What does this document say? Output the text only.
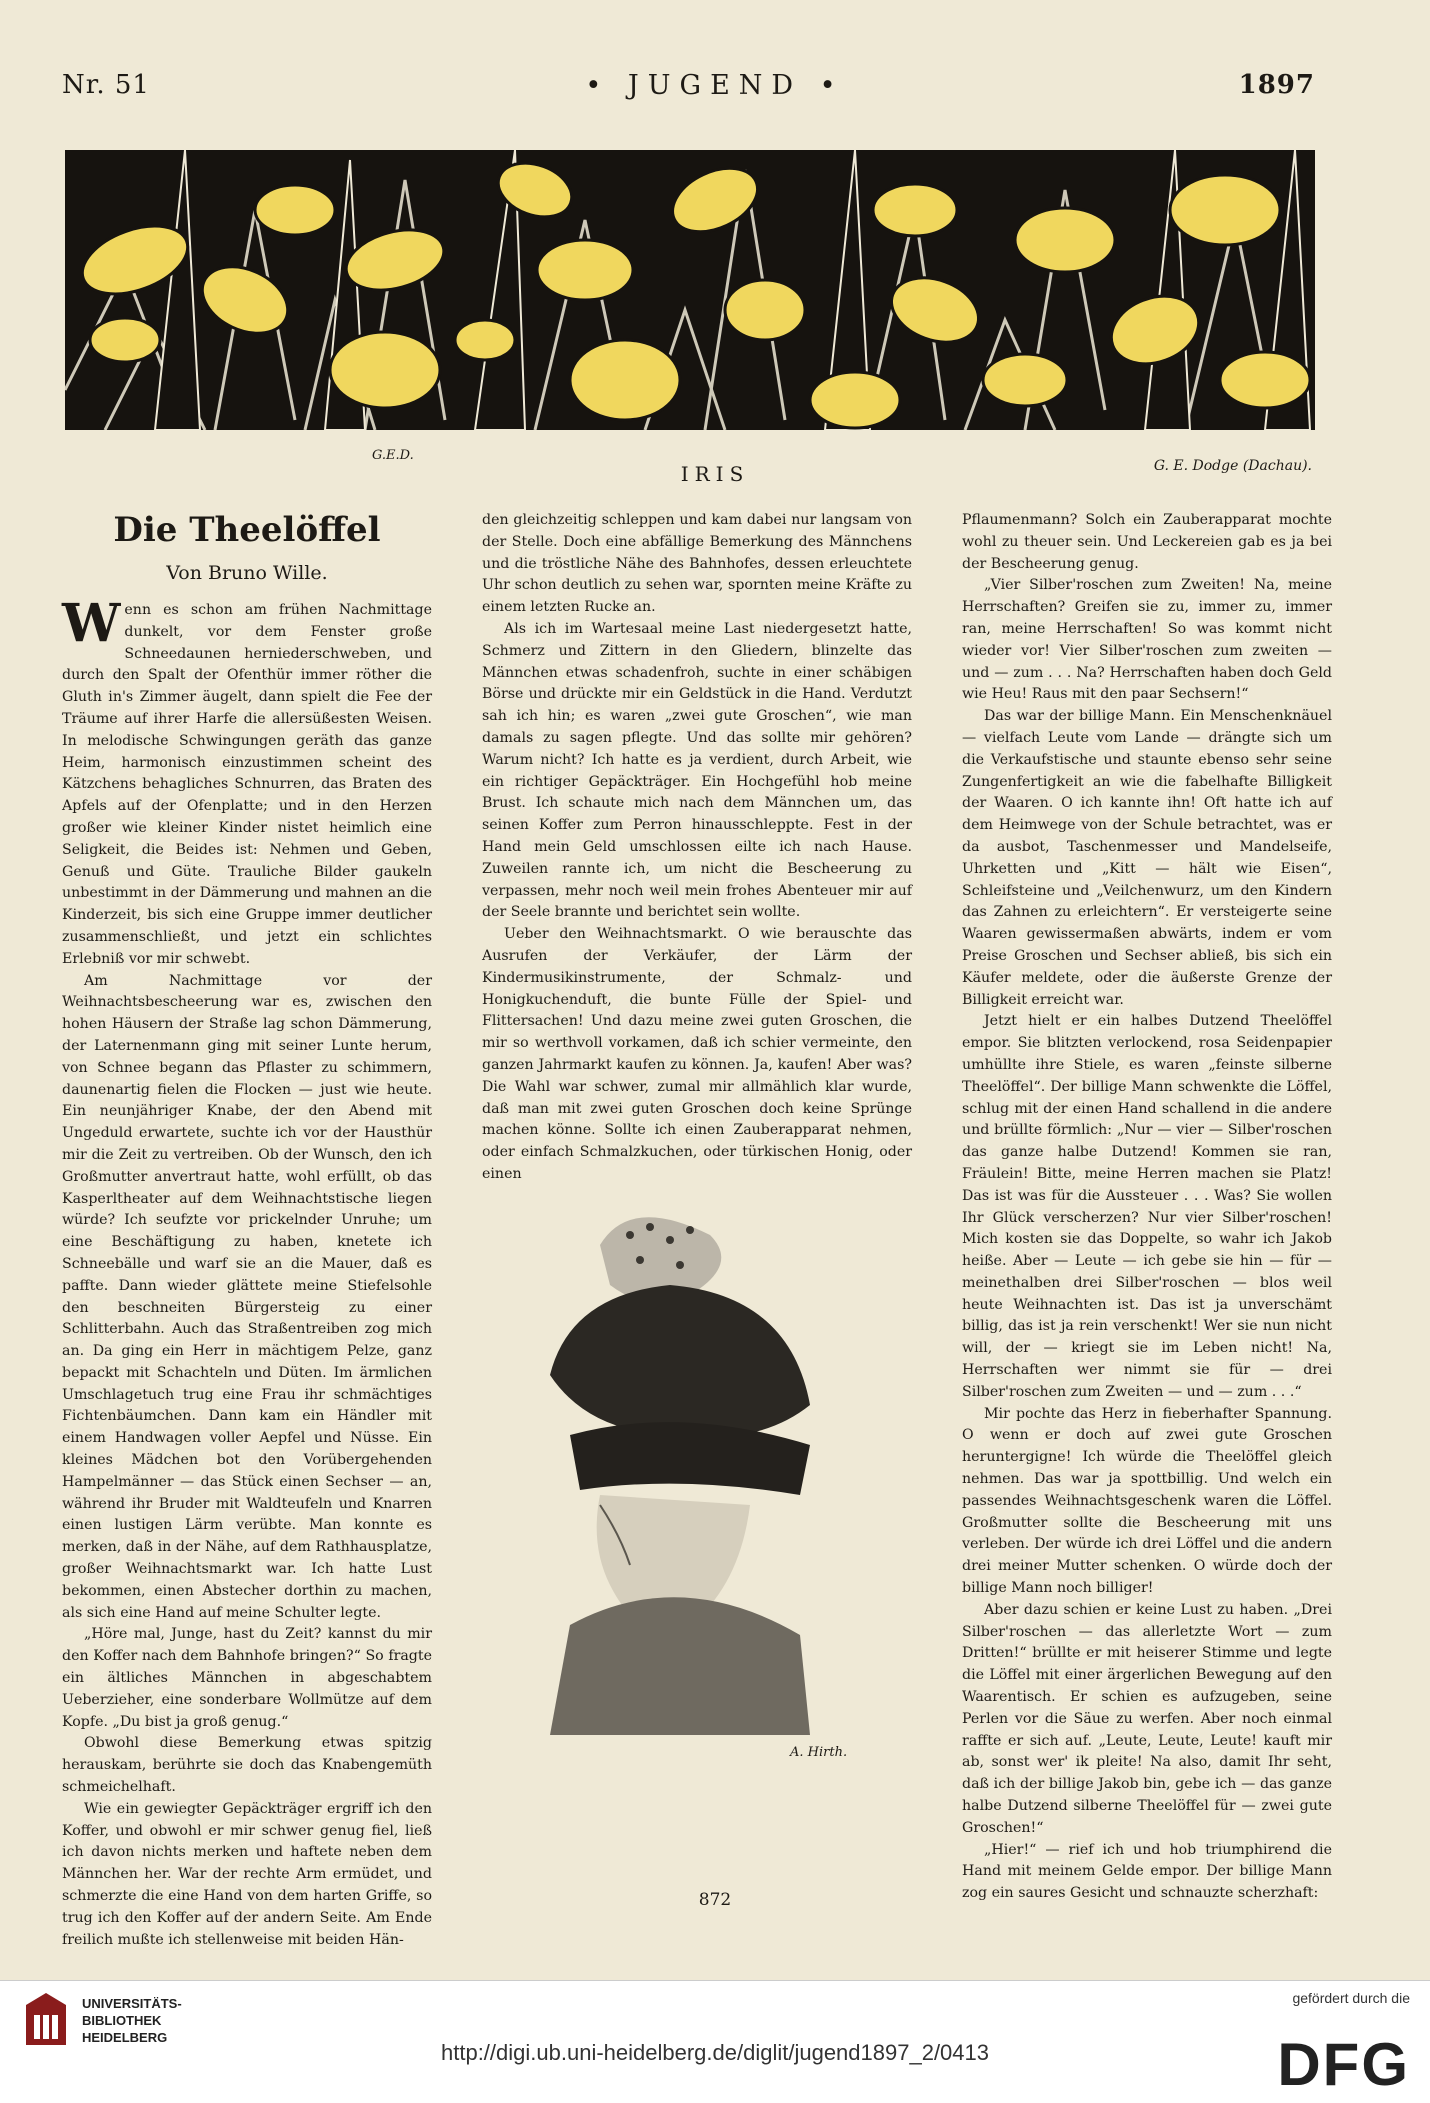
Nr. 51	• JUGEND •	1897
G.E.D.
IRIS	G. E. Dodge (Dachau).
Die Theelöffel
Von Bruno Wille.

Wenn es schon am frühen Nachmittage dunkelt, vor dem Fenster große Schneedaunen herniederschweben, und durch den Spalt der Ofenthür immer röther die Gluth in's Zimmer äugelt, dann spielt die Fee der Träume auf ihrer Harfe die allersüßesten Weisen. In melodische Schwingungen geräth das ganze Heim, harmonisch einzustimmen scheint des Kätzchens behagliches Schnurren, das Braten des Apfels auf der Ofenplatte; und in den Herzen großer wie kleiner Kinder nistet heimlich eine Seligkeit, die Beides ist: Nehmen und Geben, Genuß und Güte. Trauliche Bilder gaukeln unbestimmt in der Dämmerung und mahnen an die Kinderzeit, bis sich eine Gruppe immer deutlicher zusammenschließt, und jetzt ein schlichtes Erlebniß vor mir schwebt.

Am Nachmittage vor der Weihnachtsbescheerung war es, zwischen den hohen Häusern der Straße lag schon Dämmerung, der Laternenmann ging mit seiner Lunte herum, von Schnee begann das Pflaster zu schimmern, daunenartig fielen die Flocken — just wie heute. Ein neunjähriger Knabe, der den Abend mit Ungeduld erwartete, suchte ich vor der Hausthür mir die Zeit zu vertreiben. Ob der Wunsch, den ich Großmutter anvertraut hatte, wohl erfüllt, ob das Kasperltheater auf dem Weihnachtstische liegen würde? Ich seufzte vor prickelnder Unruhe; um eine Beschäftigung zu haben, knetete ich Schneebälle und warf sie an die Mauer, daß es paffte. Dann wieder glättete meine Stiefelsohle den beschneiten Bürgersteig zu einer Schlitterbahn. Auch das Straßentreiben zog mich an. Da ging ein Herr in mächtigem Pelze, ganz bepackt mit Schachteln und Düten. Im ärmlichen Umschlagetuch trug eine Frau ihr schmächtiges Fichtenbäumchen. Dann kam ein Händler mit einem Handwagen voller Aepfel und Nüsse. Ein kleines Mädchen bot den Vorübergehenden Hampelmänner — das Stück einen Sechser — an, während ihr Bruder mit Waldteufeln und Knarren einen lustigen Lärm verübte. Man konnte es merken, daß in der Nähe, auf dem Rathhausplatze, großer Weihnachtsmarkt war. Ich hatte Lust bekommen, einen Abstecher dorthin zu machen, als sich eine Hand auf meine Schulter legte.

„Höre mal, Junge, hast du Zeit? kannst du mir den Koffer nach dem Bahnhofe bringen?“ So fragte ein ältliches Männchen in abgeschabtem Ueberzieher, eine sonderbare Wollmütze auf dem Kopfe. „Du bist ja groß genug.“

Obwohl diese Bemerkung etwas spitzig herauskam, berührte sie doch das Knabengemüth schmeichelhaft.

Wie ein gewiegter Gepäckträger ergriff ich den Koffer, und obwohl er mir schwer genug fiel, ließ ich davon nichts merken und haftete neben dem Männchen her. War der rechte Arm ermüdet, und schmerzte die eine Hand von dem harten Griffe, so trug ich den Koffer auf der andern Seite. Am Ende freilich mußte ich stellenweise mit beiden Hän-

den gleichzeitig schleppen und kam dabei nur langsam von der Stelle. Doch eine abfällige Bemerkung des Männchens und die tröstliche Nähe des Bahnhofes, dessen erleuchtete Uhr schon deutlich zu sehen war, spornten meine Kräfte zu einem letzten Rucke an.

Als ich im Wartesaal meine Last niedergesetzt hatte, Schmerz und Zittern in den Gliedern, blinzelte das Männchen etwas schadenfroh, suchte in einer schäbigen Börse und drückte mir ein Geldstück in die Hand. Verdutzt sah ich hin; es waren „zwei gute Groschen“, wie man damals zu sagen pflegte. Und das sollte mir gehören? Warum nicht? Ich hatte es ja verdient, durch Arbeit, wie ein richtiger Gepäckträger. Ein Hochgefühl hob meine Brust. Ich schaute mich nach dem Männchen um, das seinen Koffer zum Perron hinausschleppte. Fest in der Hand mein Geld umschlossen eilte ich nach Hause. Zuweilen rannte ich, um nicht die Bescheerung zu verpassen, mehr noch weil mein frohes Abenteuer mir auf der Seele brannte und berichtet sein wollte.

Ueber den Weihnachtsmarkt. O wie berauschte das Ausrufen der Verkäufer, der Lärm der Kindermusikinstrumente, der Schmalz- und Honigkuchenduft, die bunte Fülle der Spiel- und Flittersachen! Und dazu meine zwei guten Groschen, die mir so werthvoll vorkamen, daß ich schier vermeinte, den ganzen Jahrmarkt kaufen zu können. Ja, kaufen! Aber was? Die Wahl war schwer, zumal mir allmählich klar wurde, daß man mit zwei guten Groschen doch keine Sprünge machen könne. Sollte ich einen Zauberapparat nehmen, oder einfach Schmalzkuchen, oder türkischen Honig, oder einen

A. Hirth.

Pflaumenmann? Solch ein Zauberapparat mochte wohl zu theuer sein. Und Leckereien gab es ja bei der Bescheerung genug.

„Vier Silber'roschen zum Zweiten! Na, meine Herrschaften? Greifen sie zu, immer zu, immer ran, meine Herrschaften! So was kommt nicht wieder vor! Vier Silber'roschen zum zweiten — und — zum . . . Na? Herrschaften haben doch Geld wie Heu! Raus mit den paar Sechsern!“

Das war der billige Mann. Ein Menschenknäuel — vielfach Leute vom Lande — drängte sich um die Verkaufstische und staunte ebenso sehr seine Zungenfertigkeit an wie die fabelhafte Billigkeit der Waaren. O ich kannte ihn! Oft hatte ich auf dem Heimwege von der Schule betrachtet, was er da ausbot, Taschenmesser und Mandelseife, Uhrketten und „Kitt — hält wie Eisen“, Schleifsteine und „Veilchenwurz, um den Kindern das Zahnen zu erleichtern“. Er versteigerte seine Waaren gewissermaßen abwärts, indem er vom Preise Groschen und Sechser abließ, bis sich ein Käufer meldete, oder die äußerste Grenze der Billigkeit erreicht war.

Jetzt hielt er ein halbes Dutzend Theelöffel empor. Sie blitzten verlockend, rosa Seidenpapier umhüllte ihre Stiele, es waren „feinste silberne Theelöffel“. Der billige Mann schwenkte die Löffel, schlug mit der einen Hand schallend in die andere und brüllte förmlich: „Nur — vier — Silber'roschen das ganze halbe Dutzend! Kommen sie ran, Fräulein! Bitte, meine Herren machen sie Platz! Das ist was für die Aussteuer . . . Was? Sie wollen Ihr Glück verscherzen? Nur vier Silber'roschen! Mich kosten sie das Doppelte, so wahr ich Jakob heiße. Aber — Leute — ich gebe sie hin — für — meinethalben drei Silber'roschen — blos weil heute Weihnachten ist. Das ist ja unverschämt billig, das ist ja rein verschenkt! Wer sie nun nicht will, der — kriegt sie im Leben nicht! Na, Herrschaften wer nimmt sie für — drei Silber'roschen zum Zweiten — und — zum . . .“

Mir pochte das Herz in fieberhafter Spannung. O wenn er doch auf zwei gute Groschen heruntergigne! Ich würde die Theelöffel gleich nehmen. Das war ja spottbillig. Und welch ein passendes Weihnachtsgeschenk waren die Löffel. Großmutter sollte die Bescheerung mit uns verleben. Der würde ich drei Löffel und die andern drei meiner Mutter schenken. O würde doch der billige Mann noch billiger!

Aber dazu schien er keine Lust zu haben. „Drei Silber'roschen — das allerletzte Wort — zum Dritten!“ brüllte er mit heiserer Stimme und legte die Löffel mit einer ärgerlichen Bewegung auf den Waarentisch. Er schien es aufzugeben, seine Perlen vor die Säue zu werfen. Aber noch einmal raffte er sich auf. „Leute, Leute, Leute! kauft mir ab, sonst wer' ik pleite! Na also, damit Ihr seht, daß ich der billige Jakob bin, gebe ich — das ganze halbe Dutzend silberne Theelöffel für — zwei gute Groschen!“

„Hier!“ — rief ich und hob triumphirend die Hand mit meinem Gelde empor. Der billige Mann zog ein saures Gesicht und schnauzte scherzhaft:

872
UNIVERSITÄTS-
BIBLIOTHEK
HEIDELBERG
http://digi.ub.uni-heidelberg.de/diglit/jugend1897_2/0413
gefördert durch die
DFG
